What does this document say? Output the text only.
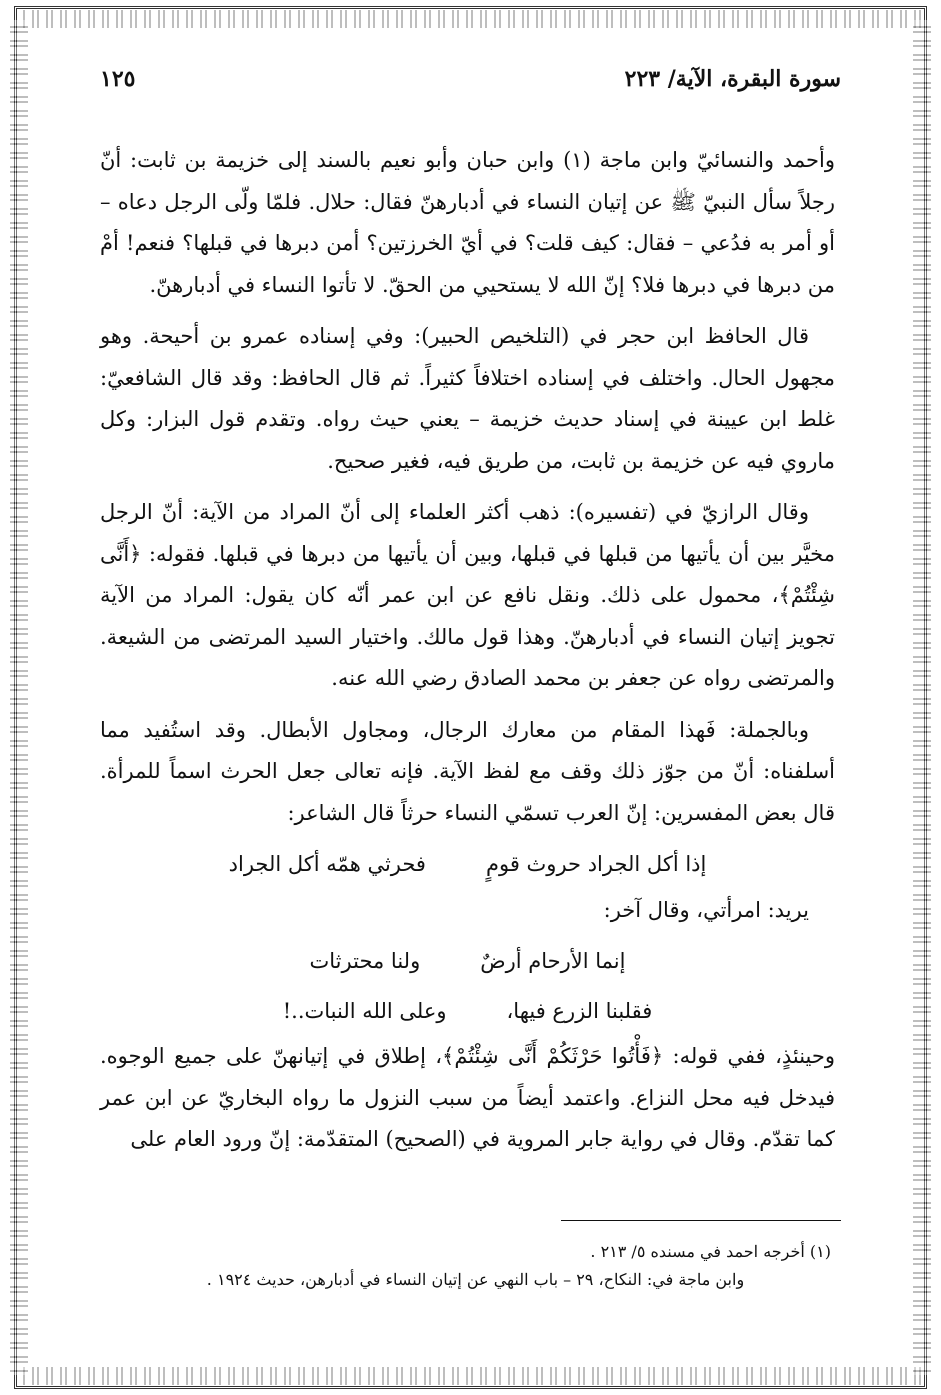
سورة البقرة، الآية/ ٢٢٣
١٢٥

وأحمد والنسائيّ وابن ماجة (١) وابن حبان وأبو نعيم بالسند إلى خزيمة بن ثابت: أنّ رجلاً سأل النبيّ ﷺ عن إتيان النساء في أدبارهنّ فقال: حلال. فلمّا ولّى الرجل دعاه – أو أمر به فدُعي – فقال: كيف قلت؟ في أيّ الخرزتين؟ أمن دبرها في قبلها؟ فنعم! أمْ من دبرها في دبرها فلا؟ إنّ الله لا يستحيي من الحقّ. لا تأتوا النساء في أدبارهنّ.

قال الحافظ ابن حجر في (التلخيص الحبير): وفي إسناده عمرو بن أحيحة. وهو مجهول الحال. واختلف في إسناده اختلافاً كثيراً. ثم قال الحافظ: وقد قال الشافعيّ: غلط ابن عيينة في إسناد حديث خزيمة – يعني حيث رواه. وتقدم قول البزار: وكل ماروي فيه عن خزيمة بن ثابت، من طريق فيه، فغير صحيح.

وقال الرازيّ في (تفسيره): ذهب أكثر العلماء إلى أنّ المراد من الآية: أنّ الرجل مخيَّر بين أن يأتيها من قبلها في قبلها، وبين أن يأتيها من دبرها في قبلها. فقوله: ﴿أَنَّى شِئْتُمْ﴾، محمول على ذلك. ونقل نافع عن ابن عمر أنّه كان يقول: المراد من الآية تجويز إتيان النساء في أدبارهنّ. وهذا قول مالك. واختيار السيد المرتضى من الشيعة. والمرتضى رواه عن جعفر بن محمد الصادق رضي الله عنه.

وبالجملة: فَهذا المقام من معارك الرجال، ومجاول الأبطال. وقد استُفيد مما أسلفناه: أنّ من جوّز ذلك وقف مع لفظ الآية. فإنه تعالى جعل الحرث اسماً للمرأة. قال بعض المفسرين: إنّ العرب تسمّي النساء حرثاً قال الشاعر:

إذا أكل الجراد حروث قومٍ
فحرثي همّه أكل الجراد

يريد: امرأتي، وقال آخر:

إنما الأرحام أرضٌ
ولنا محترثات
فقلبنا الزرع فيها،
وعلى الله النبات..!

وحينئذٍ، ففي قوله: ﴿فَأْتُوا حَرْثَكُمْ أَنَّى شِئْتُمْ﴾، إطلاق في إتيانهنّ على جميع الوجوه. فيدخل فيه محل النزاع. واعتمد أيضاً من سبب النزول ما رواه البخاريّ عن ابن عمر كما تقدّم. وقال في رواية جابر المروية في (الصحيح) المتقدّمة: إنّ ورود العام على

(١) أخرجه احمد في مسنده ٥/ ٢١٣ .
وابن ماجة في: النكاح، ٢٩ – باب النهي عن إتيان النساء في أدبارهن، حديث ١٩٢٤ .
